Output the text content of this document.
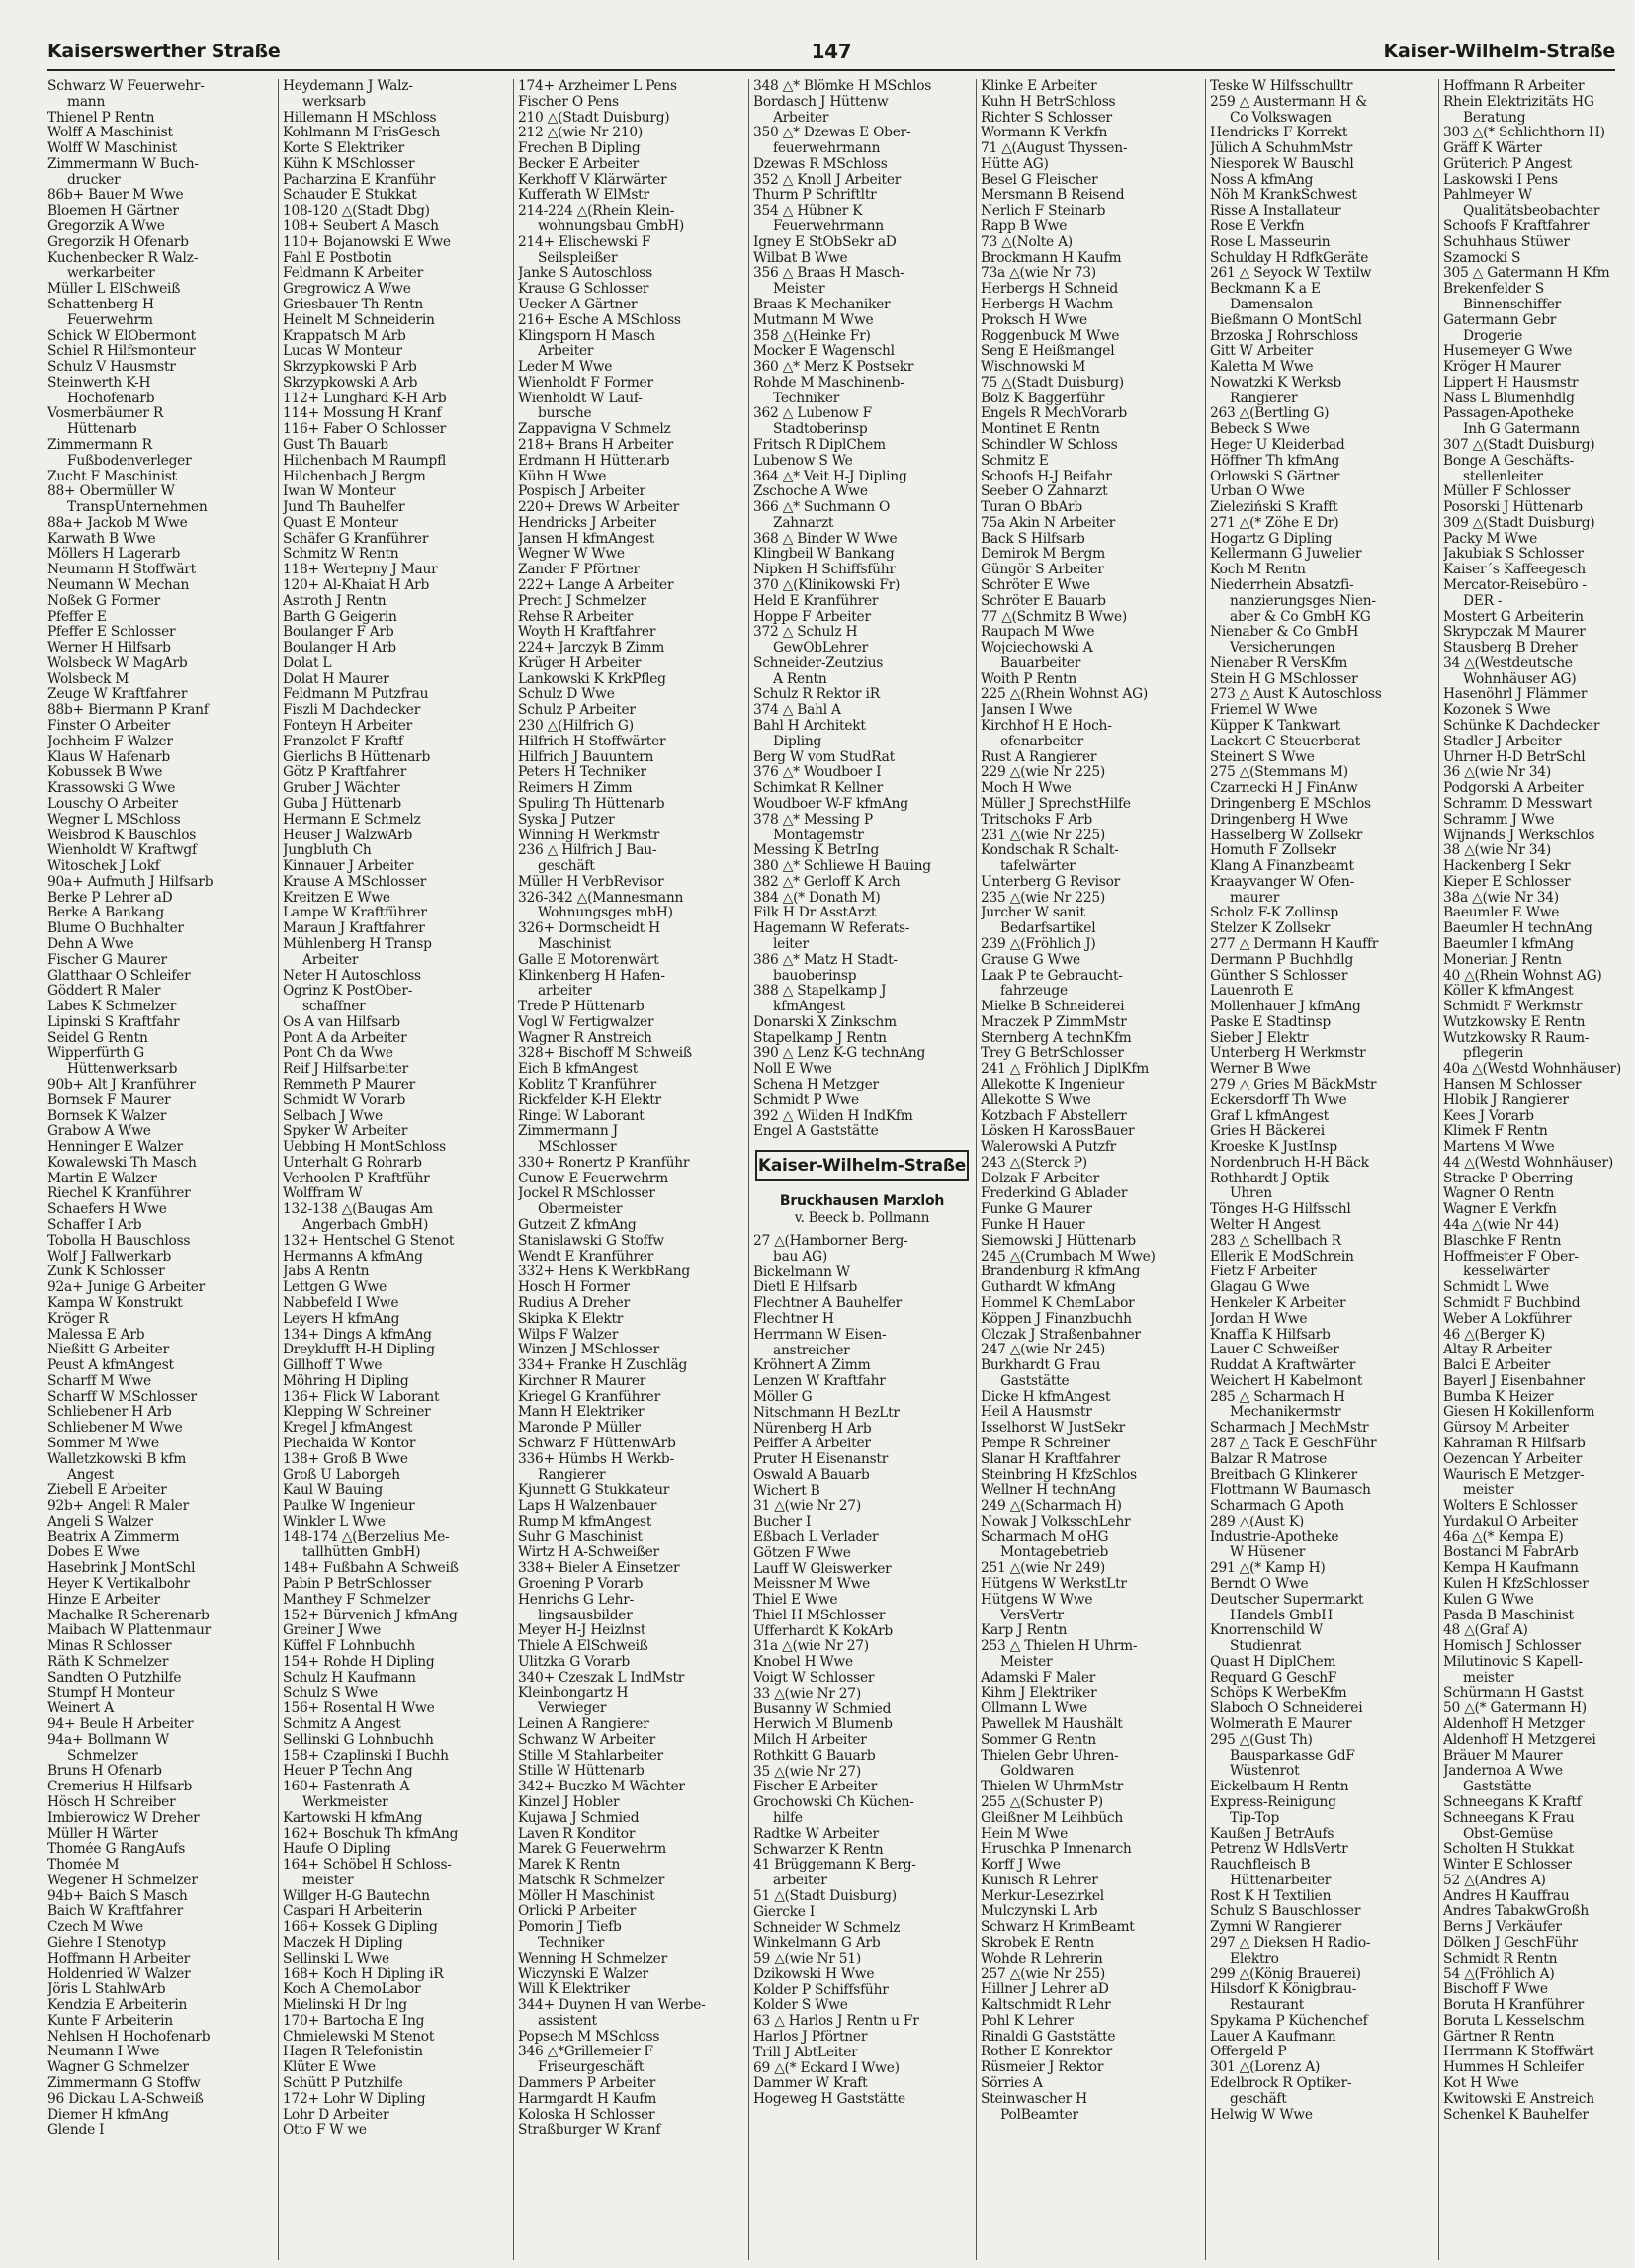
Kaiserswerther Straße	147	Kaiser-Wilhelm-Straße
Schwarz W Feuerwehr-
mann
Thienel P Rentn
Wolff A Maschinist
Wolff W Maschinist
Zimmermann W Buch-
drucker
86b+ Bauer M Wwe
Bloemen H Gärtner
Gregorzik A Wwe
Gregorzik H Ofenarb
Kuchenbecker R Walz-
werkarbeiter
Müller L ElSchweiß
Schattenberg H
Feuerwehrm
Schick W ElObermont
Schiel R Hilfsmonteur
Schulz V Hausmstr
Steinwerth K-H
Hochofenarb
Vosmerbäumer R
Hüttenarb
Zimmermann R
Fußbodenverleger
Zucht F Maschinist
88+ Obermüller W
TranspUnternehmen
88a+ Jackob M Wwe
Karwath B Wwe
Möllers H Lagerarb
Neumann H Stoffwärt
Neumann W Mechan
Noßek G Former
Pfeffer E
Pfeffer E Schlosser
Werner H Hilfsarb
Wolsbeck W MagArb
Wolsbeck M
Zeuge W Kraftfahrer
88b+ Biermann P Kranf
Finster O Arbeiter
Jochheim F Walzer
Klaus W Hafenarb
Kobussek B Wwe
Krassowski G Wwe
Louschy O Arbeiter
Wegner L MSchloss
Weisbrod K Bauschlos
Wienholdt W Kraftwgf
Witoschek J Lokf
90a+ Aufmuth J Hilfsarb
Berke P Lehrer aD
Berke A Bankang
Blume O Buchhalter
Dehn A Wwe
Fischer G Maurer
Glatthaar O Schleifer
Göddert R Maler
Labes K Schmelzer
Lipinski S Kraftfahr
Seidel G Rentn
Wipperfürth G
Hüttenwerksarb
90b+ Alt J Kranführer
Bornsek F Maurer
Bornsek K Walzer
Grabow A Wwe
Henninger E Walzer
Kowalewski Th Masch
Martin E Walzer
Riechel K Kranführer
Schaefers H Wwe
Schaffer I Arb
Tobolla H Bauschloss
Wolf J Fallwerkarb
Zunk K Schlosser
92a+ Junige G Arbeiter
Kampa W Konstrukt
Kröger R
Malessa E Arb
Nießitt G Arbeiter
Peust A kfmAngest
Scharff M Wwe
Scharff W MSchlosser
Schliebener H Arb
Schliebener M Wwe
Sommer M Wwe
Walletzkowski B kfm
Angest
Ziebell E Arbeiter
92b+ Angeli R Maler
Angeli S Walzer
Beatrix A Zimmerm
Dobes E Wwe
Hasebrink J MontSchl
Heyer K Vertikalbohr
Hinze E Arbeiter
Machalke R Scherenarb
Maibach W Plattenmaur
Minas R Schlosser
Räth K Schmelzer
Sandten O Putzhilfe
Stumpf H Monteur
Weinert A
94+ Beule H Arbeiter
94a+ Bollmann W
Schmelzer
Bruns H Ofenarb
Cremerius H Hilfsarb
Hösch H Schreiber
Imbierowicz W Dreher
Müller H Wärter
Thomée G RangAufs
Thomée M
Wegener H Schmelzer
94b+ Baich S Masch
Baich W Kraftfahrer
Czech M Wwe
Giehre I Stenotyp
Hoffmann H Arbeiter
Holdenried W Walzer
Jöris L StahlwArb
Kendzia E Arbeiterin
Kunte F Arbeiterin
Nehlsen H Hochofenarb
Neumann I Wwe
Wagner G Schmelzer
Zimmermann G Stoffw
96 Dickau L A-Schweiß
Diemer H kfmAng
Glende I
Heydemann J Walz-
werksarb
Hillemann H MSchloss
Kohlmann M FrisGesch
Korte S Elektriker
Kühn K MSchlosser
Pacharzina E Kranführ
Schauder E Stukkat
108-120 △(Stadt Dbg)
108+ Seubert A Masch
110+ Bojanowski E Wwe
Fahl E Postbotin
Feldmann K Arbeiter
Gregrowicz A Wwe
Griesbauer Th Rentn
Heinelt M Schneiderin
Krappatsch M Arb
Lucas W Monteur
Skrzypkowski P Arb
Skrzypkowski A Arb
112+ Lunghard K-H Arb
114+ Mossung H Kranf
116+ Faber O Schlosser
Gust Th Bauarb
Hilchenbach M Raumpfl
Hilchenbach J Bergm
Iwan W Monteur
Jund Th Bauhelfer
Quast E Monteur
Schäfer G Kranführer
Schmitz W Rentn
118+ Wertepny J Maur
120+ Al-Khaiat H Arb
Astroth J Rentn
Barth G Geigerin
Boulanger F Arb
Boulanger H Arb
Dolat L
Dolat H Maurer
Feldmann M Putzfrau
Fiszli M Dachdecker
Fonteyn H Arbeiter
Franzolet F Kraftf
Gierlichs B Hüttenarb
Götz P Kraftfahrer
Gruber J Wächter
Guba J Hüttenarb
Hermann E Schmelz
Heuser J WalzwArb
Jungbluth Ch
Kinnauer J Arbeiter
Krause A MSchlosser
Kreitzen E Wwe
Lampe W Kraftführer
Maraun J Kraftfahrer
Mühlenberg H Transp
Arbeiter
Neter H Autoschloss
Ogrinz K PostOber-
schaffner
Os A van Hilfsarb
Pont A da Arbeiter
Pont Ch da Wwe
Reif J Hilfsarbeiter
Remmeth P Maurer
Schmidt W Vorarb
Selbach J Wwe
Spyker W Arbeiter
Uebbing H MontSchloss
Unterhalt G Rohrarb
Verhoolen P Kraftführ
Wolffram W
132-138 △(Baugas Am
Angerbach GmbH)
132+ Hentschel G Stenot
Hermanns A kfmAng
Jabs A Rentn
Lettgen G Wwe
Nabbefeld I Wwe
Leyers H kfmAng
134+ Dings A kfmAng
Dreyklufft H-H Dipling
Gillhoff T Wwe
Möhring H Dipling
136+ Flick W Laborant
Klepping W Schreiner
Kregel J kfmAngest
Piechaida W Kontor
138+ Groß B Wwe
Groß U Laborgeh
Kaul W Bauing
Paulke W Ingenieur
Winkler L Wwe
148-174 △(Berzelius Me-
tallhütten GmbH)
148+ Fußbahn A Schweiß
Pabin P BetrSchlosser
Manthey F Schmelzer
152+ Bürvenich J kfmAng
Greiner J Wwe
Küffel F Lohnbuchh
154+ Rohde H Dipling
Schulz H Kaufmann
Schulz S Wwe
156+ Rosental H Wwe
Schmitz A Angest
Sellinski G Lohnbuchh
158+ Czaplinski I Buchh
Heuer P Techn Ang
160+ Fastenrath A
Werkmeister
Kartowski H kfmAng
162+ Boschuk Th kfmAng
Haufe O Dipling
164+ Schöbel H Schloss-
meister
Willger H-G Bautechn
Caspari H Arbeiterin
166+ Kossek G Dipling
Maczek H Dipling
Sellinski L Wwe
168+ Koch H Dipling iR
Koch A ChemoLabor
Mielinski H Dr Ing
170+ Bartocha E Ing
Chmielewski M Stenot
Hagen R Telefonistin
Klüter E Wwe
Schütt P Putzhilfe
172+ Lohr W Dipling
Lohr D Arbeiter
Otto F W we
174+ Arzheimer L Pens
Fischer O Pens
210 △(Stadt Duisburg)
212 △(wie Nr 210)
Frechen B Dipling
Becker E Arbeiter
Kerkhoff V Klärwärter
Kufferath W ElMstr
214-224 △(Rhein Klein-
wohnungsbau GmbH)
214+ Elischewski F
Seilspleißer
Janke S Autoschloss
Krause G Schlosser
Uecker A Gärtner
216+ Esche A MSchloss
Klingsporn H Masch
Arbeiter
Leder M Wwe
Wienholdt F Former
Wienholdt W Lauf-
bursche
Zappavigna V Schmelz
218+ Brans H Arbeiter
Erdmann H Hüttenarb
Kühn H Wwe
Pospisch J Arbeiter
220+ Drews W Arbeiter
Hendricks J Arbeiter
Jansen H kfmAngest
Wegner W Wwe
Zander F Pförtner
222+ Lange A Arbeiter
Precht J Schmelzer
Rehse R Arbeiter
Woyth H Kraftfahrer
224+ Jarczyk B Zimm
Krüger H Arbeiter
Lankowski K KrkPfleg
Schulz D Wwe
Schulz P Arbeiter
230 △(Hilfrich G)
Hilfrich H Stoffwärter
Hilfrich J Bauuntern
Peters H Techniker
Reimers H Zimm
Spuling Th Hüttenarb
Syska J Putzer
Winning H Werkmstr
236 △ Hilfrich J Bau-
geschäft
Müller H VerbRevisor
326-342 △(Mannesmann
Wohnungsges mbH)
326+ Dormscheidt H
Maschinist
Galle E Motorenwärt
Klinkenberg H Hafen-
arbeiter
Trede P Hüttenarb
Vogl W Fertigwalzer
Wagner R Anstreich
328+ Bischoff M Schweiß
Eich B kfmAngest
Koblitz T Kranführer
Rickfelder K-H Elektr
Ringel W Laborant
Zimmermann J
MSchlosser
330+ Ronertz P Kranführ
Cunow E Feuerwehrm
Jockel R MSchlosser
Obermeister
Gutzeit Z kfmAng
Stanislawski G Stoffw
Wendt E Kranführer
332+ Hens K WerkbRang
Hosch H Former
Rudius A Dreher
Skipka K Elektr
Wilps F Walzer
Winzen J MSchlosser
334+ Franke H Zuschläg
Kirchner R Maurer
Kriegel G Kranführer
Mann H Elektriker
Maronde P Müller
Schwarz F HüttenwArb
336+ Hümbs H Werkb-
Rangierer
Kjunnett G Stukkateur
Laps H Walzenbauer
Rump M kfmAngest
Suhr G Maschinist
Wirtz H A-Schweißer
338+ Bieler A Einsetzer
Groening P Vorarb
Henrichs G Lehr-
lingsausbilder
Meyer H-J Heizlnst
Thiele A ElSchweiß
Ulitzka G Vorarb
340+ Czeszak L IndMstr
Kleinbongartz H
Verwieger
Leinen A Rangierer
Schwanz W Arbeiter
Stille M Stahlarbeiter
Stille W Hüttenarb
342+ Buczko M Wächter
Kinzel J Hobler
Kujawa J Schmied
Laven R Konditor
Marek G Feuerwehrm
Marek K Rentn
Matschk R Schmelzer
Möller H Maschinist
Orlicki P Arbeiter
Pomorin J Tiefb
Techniker
Wenning H Schmelzer
Wiczynski E Walzer
Will K Elektriker
344+ Duynen H van Werbe-
assistent
Popsech M MSchloss
346 △*Grillemeier F
Friseurgeschäft
Dammers P Arbeiter
Harmgardt H Kaufm
Koloska H Schlosser
Straßburger W Kranf
348 △* Blömke H MSchlos
Bordasch J Hüttenw
Arbeiter
350 △* Dzewas E Ober-
feuerwehrmann
Dzewas R MSchloss
352 △ Knoll J Arbeiter
Thurm P Schriftltr
354 △ Hübner K
Feuerwehrmann
Igney E StObSekr aD
Wilbat B Wwe
356 △ Braas H Masch-
Meister
Braas K Mechaniker
Mutmann M Wwe
358 △(Heinke Fr)
Mocker E Wagenschl
360 △* Merz K Postsekr
Rohde M Maschinenb-
Techniker
362 △ Lubenow F
Stadtoberinsp
Fritsch R DiplChem
Lubenow S We
364 △* Veit H-J Dipling
Zschoche A Wwe
366 △* Suchmann O
Zahnarzt
368 △ Binder W Wwe
Klingbeil W Bankang
Nipken H Schiffsführ
370 △(Klinikowski Fr)
Held E Kranführer
Hoppe F Arbeiter
372 △ Schulz H
GewObLehrer
Schneider-Zeutzius
A Rentn
Schulz R Rektor iR
374 △ Bahl A
Bahl H Architekt
Dipling
Berg W vom StudRat
376 △* Woudboer I
Schimkat R Kellner
Woudboer W-F kfmAng
378 △* Messing P
Montagemstr
Messing K BetrIng
380 △* Schliewe H Bauing
382 △* Gerloff K Arch
384 △(* Donath M)
Filk H Dr AsstArzt
Hagemann W Referats-
leiter
386 △* Matz H Stadt-
bauoberinsp
388 △ Stapelkamp J
kfmAngest
Donarski X Zinkschm
Stapelkamp J Rentn
390 △ Lenz K-G technAng
Noll E Wwe
Schena H Metzger
Schmidt P Wwe
392 △ Wilden H IndKfm
Engel A Gaststätte
Kaiser-Wilhelm-Straße
Bruckhausen Marxloh
v. Beeck b. Pollmann
27 △(Hamborner Berg-
bau AG)
Bickelmann W
Dietl E Hilfsarb
Flechtner A Bauhelfer
Flechtner H
Herrmann W Eisen-
anstreicher
Kröhnert A Zimm
Lenzen W Kraftfahr
Möller G
Nitschmann H BezLtr
Nürenberg H Arb
Peiffer A Arbeiter
Pruter H Eisenanstr
Oswald A Bauarb
Wichert B
31 △(wie Nr 27)
Bucher I
Eßbach L Verlader
Götzen F Wwe
Lauff W Gleiswerker
Meissner M Wwe
Thiel E Wwe
Thiel H MSchlosser
Ufferhardt K KokArb
31a △(wie Nr 27)
Knobel H Wwe
Voigt W Schlosser
33 △(wie Nr 27)
Busanny W Schmied
Herwich M Blumenb
Milch H Arbeiter
Rothkitt G Bauarb
35 △(wie Nr 27)
Fischer E Arbeiter
Grochowski Ch Küchen-
hilfe
Radtke W Arbeiter
Schwarzer K Rentn
41 Brüggemann K Berg-
arbeiter
51 △(Stadt Duisburg)
Giercke I
Schneider W Schmelz
Winkelmann G Arb
59 △(wie Nr 51)
Dzikowski H Wwe
Kolder P Schiffsführ
Kolder S Wwe
63 △ Harlos J Rentn u Fr
Harlos J Pförtner
Trill J AbtLeiter
69 △(* Eckard I Wwe)
Dammer W Kraft
Hogeweg H Gaststätte
Klinke E Arbeiter
Kuhn H BetrSchloss
Richter S Schlosser
Wormann K Verkfn
71 △(August Thyssen-
Hütte AG)
Besel G Fleischer
Mersmann B Reisend
Nerlich F Steinarb
Rapp B Wwe
73 △(Nolte A)
Brockmann H Kaufm
73a △(wie Nr 73)
Herbergs H Schneid
Herbergs H Wachm
Proksch H Wwe
Roggenbuck M Wwe
Seng E Heißmangel
Wischnowski M
75 △(Stadt Duisburg)
Bolz K Baggerführ
Engels R MechVorarb
Montinet E Rentn
Schindler W Schloss
Schmitz E
Schoofs H-J Beifahr
Seeber O Zahnarzt
Turan O BbArb
75a Akin N Arbeiter
Back S Hilfsarb
Demirok M Bergm
Güngör S Arbeiter
Schröter E Wwe
Schröter E Bauarb
77 △(Schmitz B Wwe)
Raupach M Wwe
Wojciechowski A
Bauarbeiter
Woith P Rentn
225 △(Rhein Wohnst AG)
Jansen I Wwe
Kirchhof H E Hoch-
ofenarbeiter
Rust A Rangierer
229 △(wie Nr 225)
Moch H Wwe
Müller J SprechstHilfe
Tritschoks F Arb
231 △(wie Nr 225)
Kondschak R Schalt-
tafelwärter
Unterberg G Revisor
235 △(wie Nr 225)
Jurcher W sanit
Bedarfsartikel
239 △(Fröhlich J)
Grause G Wwe
Laak P te Gebraucht-
fahrzeuge
Mielke B Schneiderei
Mraczek P ZimmMstr
Sternberg A technKfm
Trey G BetrSchlosser
241 △ Fröhlich J DiplKfm
Allekotte K Ingenieur
Allekotte S Wwe
Kotzbach F Abstellerr
Lösken H KarossBauer
Walerowski A Putzfr
243 △(Sterck P)
Dolzak F Arbeiter
Frederkind G Ablader
Funke G Maurer
Funke H Hauer
Siemowski J Hüttenarb
245 △(Crumbach M Wwe)
Brandenburg R kfmAng
Guthardt W kfmAng
Hommel K ChemLabor
Köppen J Finanzbuchh
Olczak J Straßenbahner
247 △(wie Nr 245)
Burkhardt G Frau
Gaststätte
Dicke H kfmAngest
Heil A Hausmstr
Isselhorst W JustSekr
Pempe R Schreiner
Slanar H Kraftfahrer
Steinbring H KfzSchlos
Wellner H technAng
249 △(Scharmach H)
Nowak J VolksschLehr
Scharmach M oHG
Montagebetrieb
251 △(wie Nr 249)
Hütgens W WerkstLtr
Hütgens W Wwe
VersVertr
Karp J Rentn
253 △ Thielen H Uhrm-
Meister
Adamski F Maler
Kihm J Elektriker
Ollmann L Wwe
Pawellek M Haushält
Sommer G Rentn
Thielen Gebr Uhren-
Goldwaren
Thielen W UhrmMstr
255 △(Schuster P)
Gleißner M Leihbüch
Hein M Wwe
Hruschka P Innenarch
Korff J Wwe
Kunisch R Lehrer
Merkur-Lesezirkel
Mulczynski L Arb
Schwarz H KrimBeamt
Skrobek E Rentn
Wohde R Lehrerin
257 △(wie Nr 255)
Hillner J Lehrer aD
Kaltschmidt R Lehr
Pohl K Lehrer
Rinaldi G Gaststätte
Rother E Konrektor
Rüsmeier J Rektor
Sörries A
Steinwascher H
PolBeamter
Teske W Hilfsschulltr
259 △ Austermann H &
Co Volkswagen
Hendricks F Korrekt
Jülich A SchuhmMstr
Niesporek W Bauschl
Noss A kfmAng
Nöh M KrankSchwest
Risse A Installateur
Rose E Verkfn
Rose L Masseurin
Schulday H RdfkGeräte
261 △ Seyock W Textilw
Beckmann K a E
Damensalon
Bießmann O MontSchl
Brzoska J Rohrschloss
Gitt W Arbeiter
Kaletta M Wwe
Nowatzki K Werksb
Rangierer
263 △(Bertling G)
Bebeck S Wwe
Heger U Kleiderbad
Höffner Th kfmAng
Orlowski S Gärtner
Urban O Wwe
Zieleziński S Krafft
271 △(* Zöhe E Dr)
Hogartz G Dipling
Kellermann G Juwelier
Koch M Rentn
Niederrhein Absatzfi-
nanzierungsges Nien-
aber & Co GmbH KG
Nienaber & Co GmbH
Versicherungen
Nienaber R VersKfm
Stein H G MSchlosser
273 △ Aust K Autoschloss
Friemel W Wwe
Küpper K Tankwart
Lackert C Steuerberat
Steinert S Wwe
275 △(Stemmans M)
Czarnecki H J FinAnw
Dringenberg E MSchlos
Dringenberg H Wwe
Hasselberg W Zollsekr
Homuth F Zollsekr
Klang A Finanzbeamt
Kraayvanger W Ofen-
maurer
Scholz F-K Zollinsp
Stelzer K Zollsekr
277 △ Dermann H Kauffr
Dermann P Buchhdlg
Günther S Schlosser
Lauenroth E
Mollenhauer J kfmAng
Paske E Stadtinsp
Sieber J Elektr
Unterberg H Werkmstr
Werner B Wwe
279 △ Gries M BäckMstr
Eckersdorff Th Wwe
Graf L kfmAngest
Gries H Bäckerei
Kroeske K JustInsp
Nordenbruch H-H Bäck
Rothhardt J Optik
Uhren
Tönges H-G Hilfsschl
Welter H Angest
283 △ Schellbach R
Ellerik E ModSchrein
Fietz F Arbeiter
Glagau G Wwe
Henkeler K Arbeiter
Jordan H Wwe
Knaffla K Hilfsarb
Lauer C Schweißer
Ruddat A Kraftwärter
Weichert H Kabelmont
285 △ Scharmach H
Mechanikermstr
Scharmach J MechMstr
287 △ Tack E GeschFühr
Balzar R Matrose
Breitbach G Klinkerer
Flottmann W Baumasch
Scharmach G Apoth
289 △(Aust K)
Industrie-Apotheke
W Hüsener
291 △(* Kamp H)
Berndt O Wwe
Deutscher Supermarkt
Handels GmbH
Knorrenschild W
Studienrat
Quast H DiplChem
Requard G GeschF
Schöps K WerbeKfm
Slaboch O Schneiderei
Wolmerath E Maurer
295 △(Gust Th)
Bausparkasse GdF
Wüstenrot
Eickelbaum H Rentn
Express-Reinigung
Tip-Top
Kaußen J BetrAufs
Petrenz W HdlsVertr
Rauchfleisch B
Hüttenarbeiter
Rost K H Textilien
Schulz S Bauschlosser
Zymni W Rangierer
297 △ Dieksen H Radio-
Elektro
299 △(König Brauerei)
Hilsdorf K Königbrau-
Restaurant
Spykama P Küchenchef
Lauer A Kaufmann
Offergeld P
301 △(Lorenz A)
Edelbrock R Optiker-
geschäft
Helwig W Wwe
Hoffmann R Arbeiter
Rhein Elektrizitäts HG
Beratung
303 △(* Schlichthorn H)
Gräff K Wärter
Grüterich P Angest
Laskowski I Pens
Pahlmeyer W
Qualitätsbeobachter
Schoofs F Kraftfahrer
Schuhhaus Stüwer
Szamocki S
305 △ Gatermann H Kfm
Brekenfelder S
Binnenschiffer
Gatermann Gebr
Drogerie
Husemeyer G Wwe
Kröger H Maurer
Lippert H Hausmstr
Nass L Blumenhdlg
Passagen-Apotheke
Inh G Gatermann
307 △(Stadt Duisburg)
Bonge A Geschäfts-
stellenleiter
Müller F Schlosser
Posorski J Hüttenarb
309 △(Stadt Duisburg)
Packy M Wwe
Jakubiak S Schlosser
Kaiser´s Kaffeegesch
Mercator-Reisebüro -
DER -
Mostert G Arbeiterin
Skrypczak M Maurer
Stausberg B Dreher
34 △(Westdeutsche
Wohnhäuser AG)
Hasenöhrl J Flämmer
Kozonek S Wwe
Schünke K Dachdecker
Stadler J Arbeiter
Uhrner H-D BetrSchl
36 △(wie Nr 34)
Podgorski A Arbeiter
Schramm D Messwart
Schramm J Wwe
Wijnands J Werkschlos
38 △(wie Nr 34)
Hackenberg I Sekr
Kieper E Schlosser
38a △(wie Nr 34)
Baeumler E Wwe
Baeumler H technAng
Baeumler I kfmAng
Monerian J Rentn
40 △(Rhein Wohnst AG)
Köller K kfmAngest
Schmidt F Werkmstr
Wutzkowsky E Rentn
Wutzkowsky R Raum-
pflegerin
40a △(Westd Wohnhäuser)
Hansen M Schlosser
Hlobik J Rangierer
Kees J Vorarb
Klimek F Rentn
Martens M Wwe
44 △(Westd Wohnhäuser)
Stracke P Oberring
Wagner O Rentn
Wagner E Verkfn
44a △(wie Nr 44)
Blaschke F Rentn
Hoffmeister F Ober-
kesselwärter
Schmidt L Wwe
Schmidt F Buchbind
Weber A Lokführer
46 △(Berger K)
Altay R Arbeiter
Balci E Arbeiter
Bayerl J Eisenbahner
Bumba K Heizer
Giesen H Kokillenform
Gürsoy M Arbeiter
Kahraman R Hilfsarb
Oezencan Y Arbeiter
Waurisch E Metzger-
meister
Wolters E Schlosser
Yurdakul O Arbeiter
46a △(* Kempa E)
Bostanci M FabrArb
Kempa H Kaufmann
Kulen H KfzSchlosser
Kulen G Wwe
Pasda B Maschinist
48 △(Graf A)
Homisch J Schlosser
Milutinovic S Kapell-
meister
Schürmann H Gastst
50 △(* Gatermann H)
Aldenhoff H Metzger
Aldenhoff H Metzgerei
Bräuer M Maurer
Jandernoa A Wwe
Gaststätte
Schneegans K Kraftf
Schneegans K Frau
Obst-Gemüse
Scholten H Stukkat
Winter E Schlosser
52 △(Andres A)
Andres H Kauffrau
Andres TabakwGroßh
Berns J Verkäufer
Dölken J GeschFühr
Schmidt R Rentn
54 △(Fröhlich A)
Bischoff F Wwe
Boruta H Kranführer
Boruta L Kesselschm
Gärtner R Rentn
Herrmann K Stoffwärt
Hummes H Schleifer
Kot H Wwe
Kwitowski E Anstreich
Schenkel K Bauhelfer
